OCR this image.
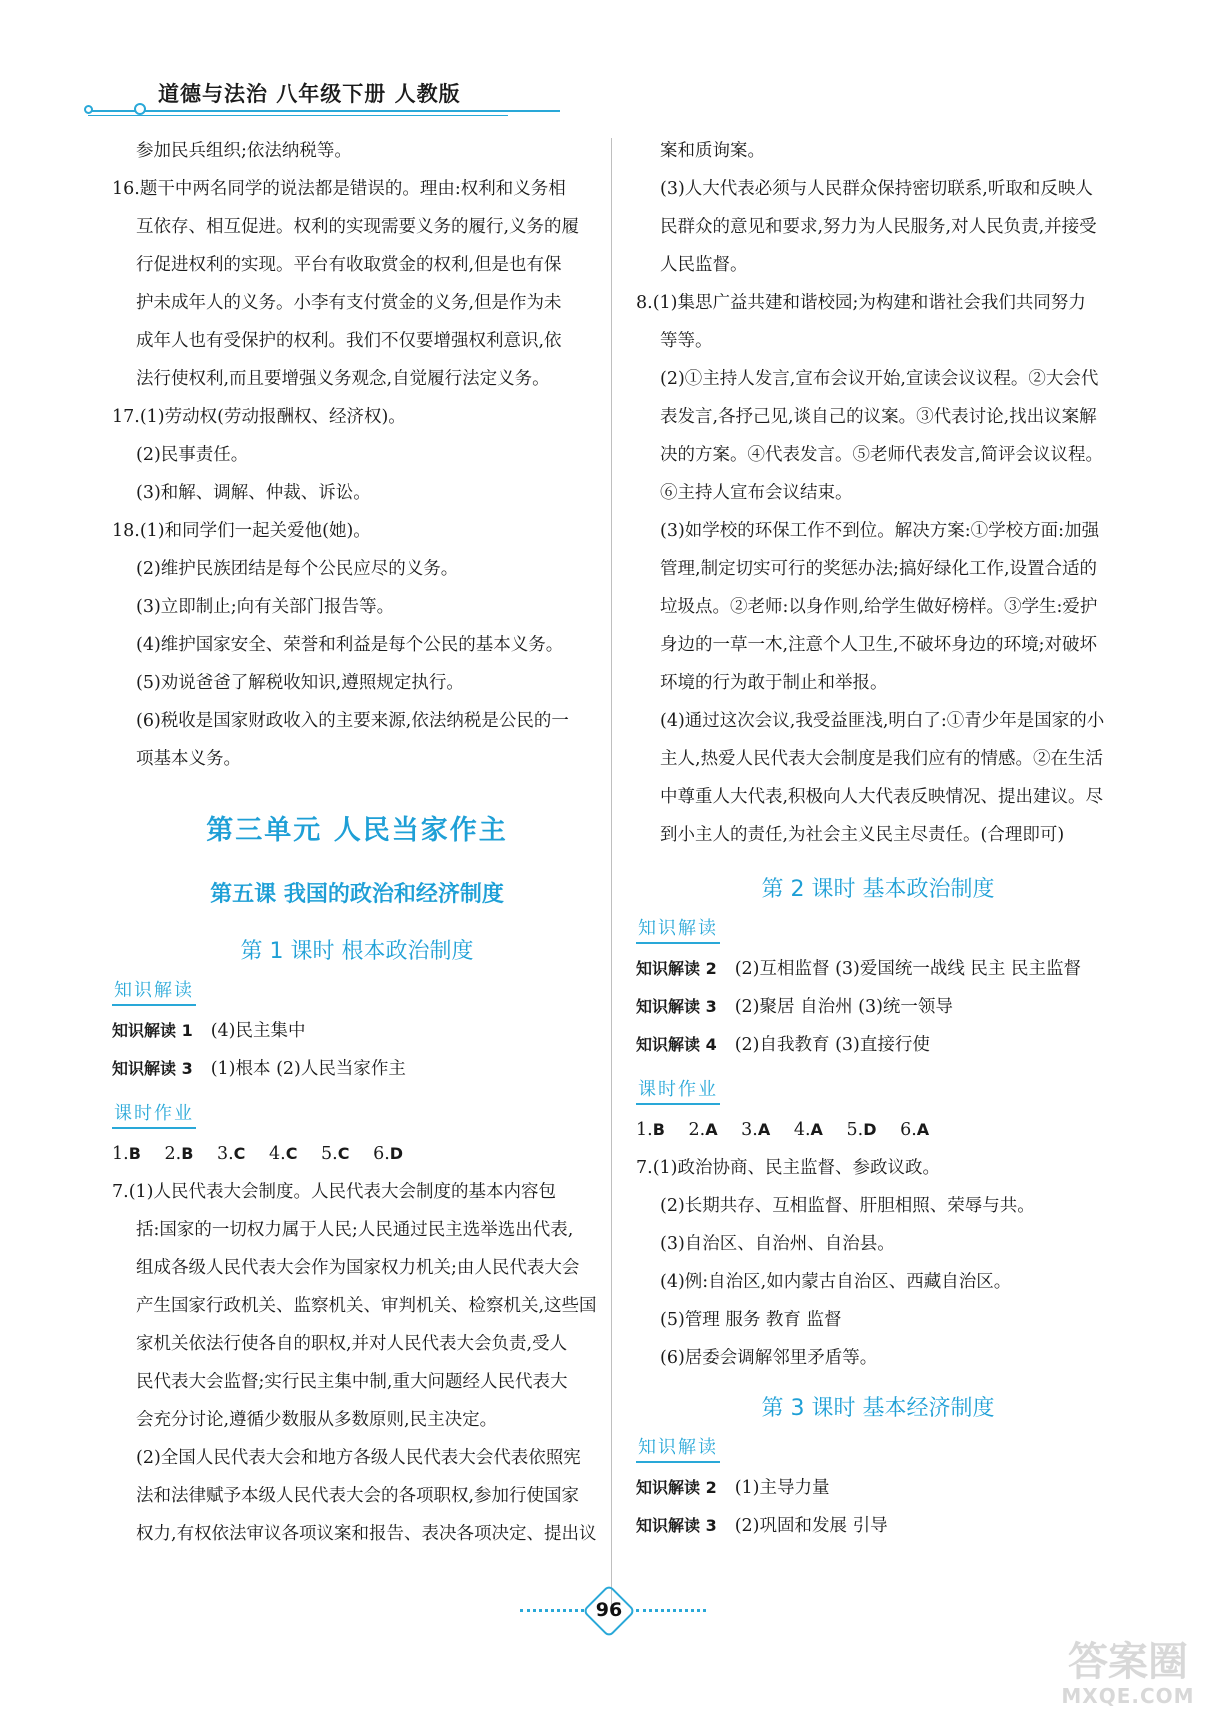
道德与法治 八年级下册 人教版
参加民兵组织;依法纳税等。
16.题干中两名同学的说法都是错误的。理由:权利和义务相
互依存、相互促进。权利的实现需要义务的履行,义务的履
行促进权利的实现。平台有收取赏金的权利,但是也有保
护未成年人的义务。小李有支付赏金的义务,但是作为未
成年人也有受保护的权利。我们不仅要增强权利意识,依
法行使权利,而且要增强义务观念,自觉履行法定义务。
17.(1)劳动权(劳动报酬权、经济权)。
(2)民事责任。
(3)和解、调解、仲裁、诉讼。
18.(1)和同学们一起关爱他(她)。
(2)维护民族团结是每个公民应尽的义务。
(3)立即制止;向有关部门报告等。
(4)维护国家安全、荣誉和利益是每个公民的基本义务。
(5)劝说爸爸了解税收知识,遵照规定执行。
(6)税收是国家财政收入的主要来源,依法纳税是公民的一
项基本义务。
第三单元 人民当家作主
第五课 我国的政治和经济制度
第 1 课时 根本政治制度
知识解读
知识解读 1 (4)民主集中
知识解读 3 (1)根本 (2)人民当家作主
课时作业
1.B 2.B 3.C 4.C 5.C 6.D
7.(1)人民代表大会制度。人民代表大会制度的基本内容包
括:国家的一切权力属于人民;人民通过民主选举选出代表,
组成各级人民代表大会作为国家权力机关;由人民代表大会
产生国家行政机关、监察机关、审判机关、检察机关,这些国
家机关依法行使各自的职权,并对人民代表大会负责,受人
民代表大会监督;实行民主集中制,重大问题经人民代表大
会充分讨论,遵循少数服从多数原则,民主决定。
(2)全国人民代表大会和地方各级人民代表大会代表依照宪
法和法律赋予本级人民代表大会的各项职权,参加行使国家
权力,有权依法审议各项议案和报告、表决各项决定、提出议
案和质询案。
(3)人大代表必须与人民群众保持密切联系,听取和反映人
民群众的意见和要求,努力为人民服务,对人民负责,并接受
人民监督。
8.(1)集思广益共建和谐校园;为构建和谐社会我们共同努力
等等。
(2)①主持人发言,宣布会议开始,宣读会议议程。②大会代
表发言,各抒己见,谈自己的议案。③代表讨论,找出议案解
决的方案。④代表发言。⑤老师代表发言,简评会议议程。
⑥主持人宣布会议结束。
(3)如学校的环保工作不到位。解决方案:①学校方面:加强
管理,制定切实可行的奖惩办法;搞好绿化工作,设置合适的
垃圾点。②老师:以身作则,给学生做好榜样。③学生:爱护
身边的一草一木,注意个人卫生,不破坏身边的环境;对破坏
环境的行为敢于制止和举报。
(4)通过这次会议,我受益匪浅,明白了:①青少年是国家的小
主人,热爱人民代表大会制度是我们应有的情感。②在生活
中尊重人大代表,积极向人大代表反映情况、提出建议。尽
到小主人的责任,为社会主义民主尽责任。(合理即可)
第 2 课时 基本政治制度
知识解读
知识解读 2 (2)互相监督 (3)爱国统一战线 民主 民主监督
知识解读 3 (2)聚居 自治州 (3)统一领导
知识解读 4 (2)自我教育 (3)直接行使
课时作业
1.B 2.A 3.A 4.A 5.D 6.A
7.(1)政治协商、民主监督、参政议政。
(2)长期共存、互相监督、肝胆相照、荣辱与共。
(3)自治区、自治州、自治县。
(4)例:自治区,如内蒙古自治区、西藏自治区。
(5)管理 服务 教育 监督
(6)居委会调解邻里矛盾等。
第 3 课时 基本经济制度
知识解读
知识解读 2 (1)主导力量
知识解读 3 (2)巩固和发展 引导
96
答案圈
MXQE.COM
